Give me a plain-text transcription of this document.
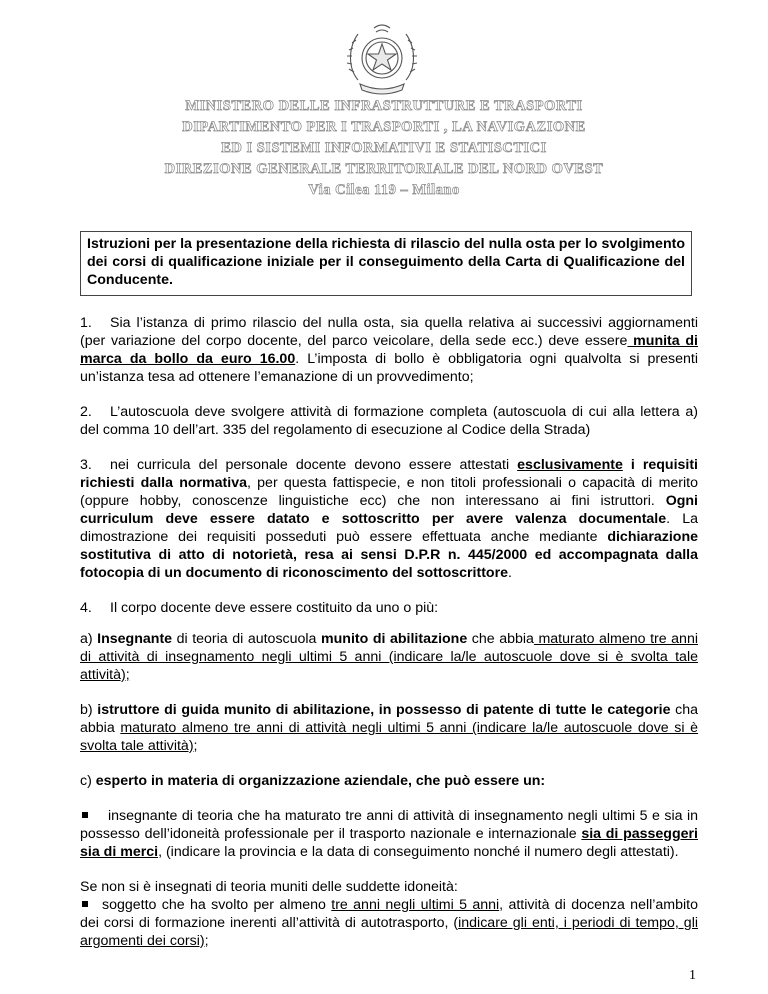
MINISTERO DELLE INFRASTRUTTURE E TRASPORTI
DIPARTIMENTO PER I TRASPORTI , LA NAVIGAZIONE
ED I SISTEMI INFORMATIVI E STATISCTICI
DIREZIONE GENERALE TERRITORIALE DEL NORD OVEST
Via Cilea 119 – Milano
Istruzioni per la presentazione della richiesta di rilascio del nulla osta per lo svolgimento dei corsi di qualificazione iniziale per il conseguimento della Carta di Qualificazione del Conducente.

1. Sia l’istanza di primo rilascio del nulla osta, sia quella relativa ai successivi aggiornamenti (per variazione del corpo docente, del parco veicolare, della sede ecc.) deve essere munita di marca da bollo da euro 16.00. L’imposta di bollo è obbligatoria ogni qualvolta si presenti un’istanza tesa ad ottenere l’emanazione di un provvedimento;

2. L’autoscuola deve svolgere attività di formazione completa (autoscuola di cui alla lettera a) del comma 10 dell’art. 335 del regolamento di esecuzione al Codice della Strada)

3. nei curricula del personale docente devono essere attestati esclusivamente i requisiti richiesti dalla normativa, per questa fattispecie, e non titoli professionali o capacità di merito (oppure hobby, conoscenze linguistiche ecc) che non interessano ai fini istruttori. Ogni curriculum deve essere datato e sottoscritto per avere valenza documentale. La dimostrazione dei requisiti posseduti può essere effettuata anche mediante dichiarazione sostitutiva di atto di notorietà, resa ai sensi D.P.R n. 445/2000 ed accompagnata dalla fotocopia di un documento di riconoscimento del sottoscrittore.

4. Il corpo docente deve essere costituito da uno o più:

a) Insegnante di teoria di autoscuola munito di abilitazione che abbia maturato almeno tre anni di attività di insegnamento negli ultimi 5 anni (indicare la/le autoscuole dove si è svolta tale attività);

b) istruttore di guida munito di abilitazione, in possesso di patente di tutte le categorie cha abbia maturato almeno tre anni di attività negli ultimi 5 anni (indicare la/le autoscuole dove si è svolta tale attività);

c) esperto in materia di organizzazione aziendale, che può essere un:

insegnante di teoria che ha maturato tre anni di attività di insegnamento negli ultimi 5 e sia in possesso dell’idoneità professionale per il trasporto nazionale e internazionale sia di passeggeri sia di merci, (indicare la provincia e la data di conseguimento nonché il numero degli attestati).

Se non si è insegnati di teoria muniti delle suddette idoneità:

soggetto che ha svolto per almeno tre anni negli ultimi 5 anni, attività di docenza nell’ambito dei corsi di formazione inerenti all’attività di autotrasporto, (indicare gli enti, i periodi di tempo, gli argomenti dei corsi);

1
